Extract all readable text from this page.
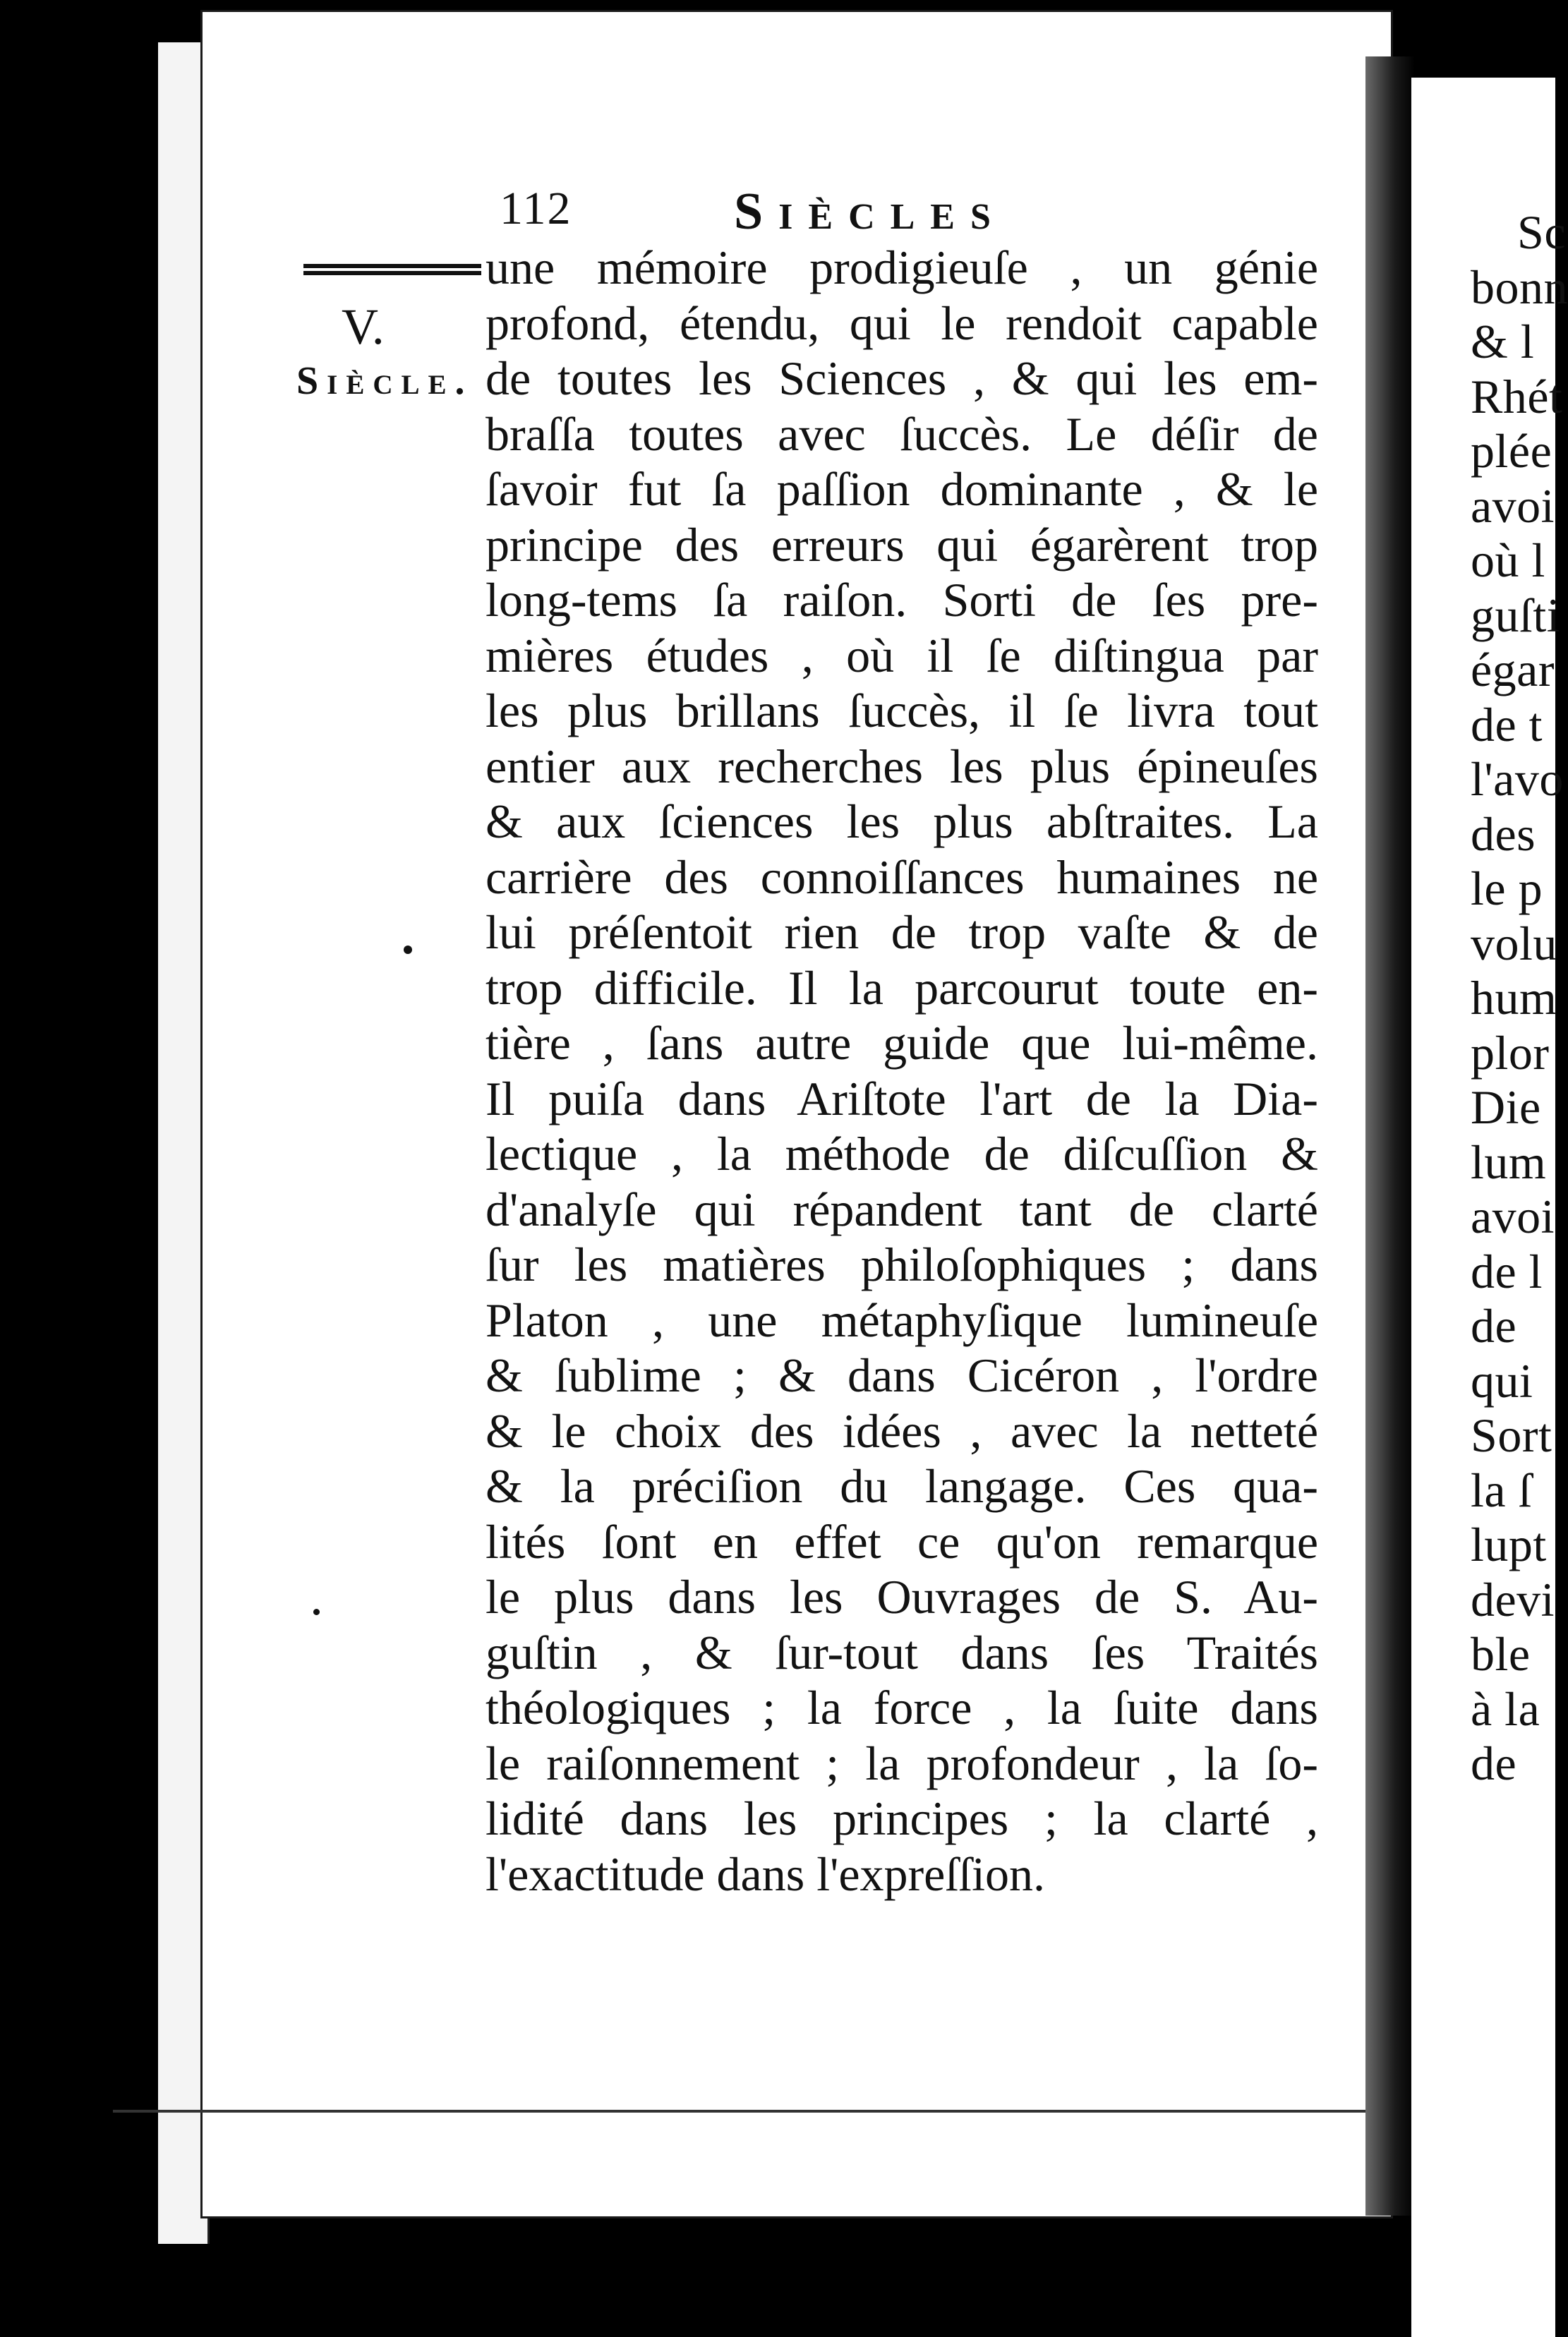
Sc
bonn
& l
Rhét
plée
avoi
où l
guſti
égar
de t
l'avo
des
le p
volu
hum
plor
Die
lum
avoi
de l
de
qui
Sort
la ſ
lupt
devi
ble
à la
de
112	Siècles
V.
Siècle.
une mémoire prodigieuſe , un génie
profond, étendu, qui le rendoit capable
de toutes les Sciences , & qui les em-
braſſa toutes avec ſuccès. Le déſir de
ſavoir fut ſa paſſion dominante , & le
principe des erreurs qui égarèrent trop
long-tems ſa raiſon. Sorti de ſes pre-
mières études , où il ſe diſtingua par
les plus brillans ſuccès, il ſe livra tout
entier aux recherches les plus épineuſes
& aux ſciences les plus abſtraites. La
carrière des connoiſſances humaines ne
lui préſentoit rien de trop vaſte & de
trop difficile. Il la parcourut toute en-
tière , ſans autre guide que lui-même.
Il puiſa dans Ariſtote l'art de la Dia-
lectique , la méthode de diſcuſſion &
d'analyſe qui répandent tant de clarté
ſur les matières philoſophiques ; dans
Platon , une métaphyſique lumineuſe
& ſublime ; & dans Cicéron , l'ordre
& le choix des idées , avec la netteté
& la préciſion du langage. Ces qua-
lités ſont en effet ce qu'on remarque
le plus dans les Ouvrages de S. Au-
guſtin , & ſur-tout dans ſes Traités
théologiques ; la force , la ſuite dans
le raiſonnement ; la profondeur , la ſo-
lidité dans les principes ; la clarté ,
l'exactitude dans l'expreſſion.
